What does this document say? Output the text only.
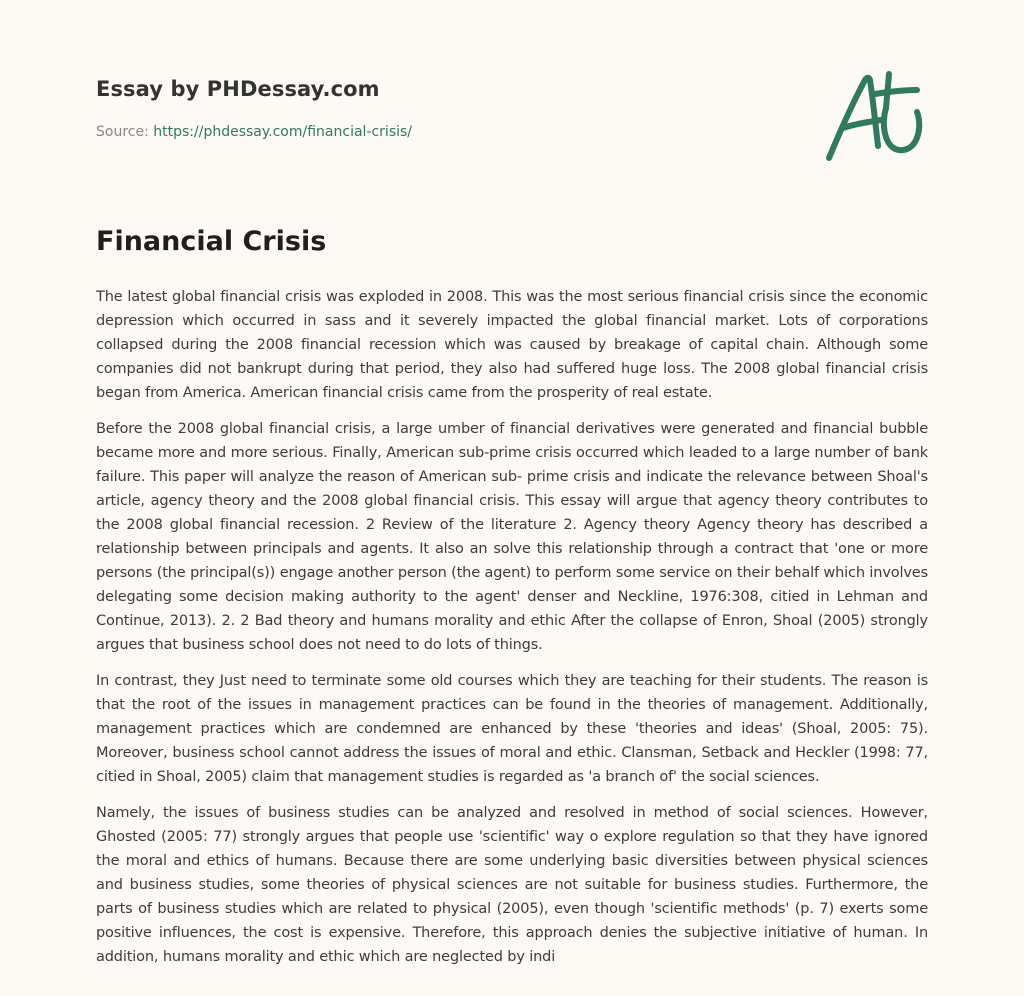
Essay by PHDessay.com
Source: https://phdessay.com/financial-crisis/
Financial Crisis

The latest global financial crisis was exploded in 2008. This was the most serious financial crisis since the economic depression which occurred in sass and it severely impacted the global financial market. Lots of corporations collapsed during the 2008 financial recession which was caused by breakage of capital chain. Although some companies did not bankrupt during that period, they also had suffered huge loss. The 2008 global financial crisis began from America. American financial crisis came from the prosperity of real estate.

Before the 2008 global financial crisis, a large umber of financial derivatives were generated and financial bubble became more and more serious. Finally, American sub-prime crisis occurred which leaded to a large number of bank failure. This paper will analyze the reason of American sub- prime crisis and indicate the relevance between Shoal's article, agency theory and the 2008 global financial crisis. This essay will argue that agency theory contributes to the 2008 global financial recession. 2 Review of the literature 2. Agency theory Agency theory has described a relationship between principals and agents. It also an solve this relationship through a contract that 'one or more persons (the principal(s)) engage another person (the agent) to perform some service on their behalf which involves delegating some decision making authority to the agent' denser and Neckline, 1976:308, citied in Lehman and Continue, 2013). 2. 2 Bad theory and humans morality and ethic After the collapse of Enron, Shoal (2005) strongly argues that business school does not need to do lots of things.

In contrast, they Just need to terminate some old courses which they are teaching for their students. The reason is that the root of the issues in management practices can be found in the theories of management. Additionally, management practices which are condemned are enhanced by these 'theories and ideas' (Shoal, 2005: 75). Moreover, business school cannot address the issues of moral and ethic. Clansman, Setback and Heckler (1998: 77, citied in Shoal, 2005) claim that management studies is regarded as 'a branch of' the social sciences.

Namely, the issues of business studies can be analyzed and resolved in method of social sciences. However, Ghosted (2005: 77) strongly argues that people use 'scientific' way o explore regulation so that they have ignored the moral and ethics of humans. Because there are some underlying basic diversities between physical sciences and business studies, some theories of physical sciences are not suitable for business studies. Furthermore, the parts of business studies which are related to physical (2005), even though 'scientific methods' (p. 7) exerts some positive influences, the cost is expensive. Therefore, this approach denies the subjective initiative of human. In addition, humans morality and ethic which are neglected by indi
